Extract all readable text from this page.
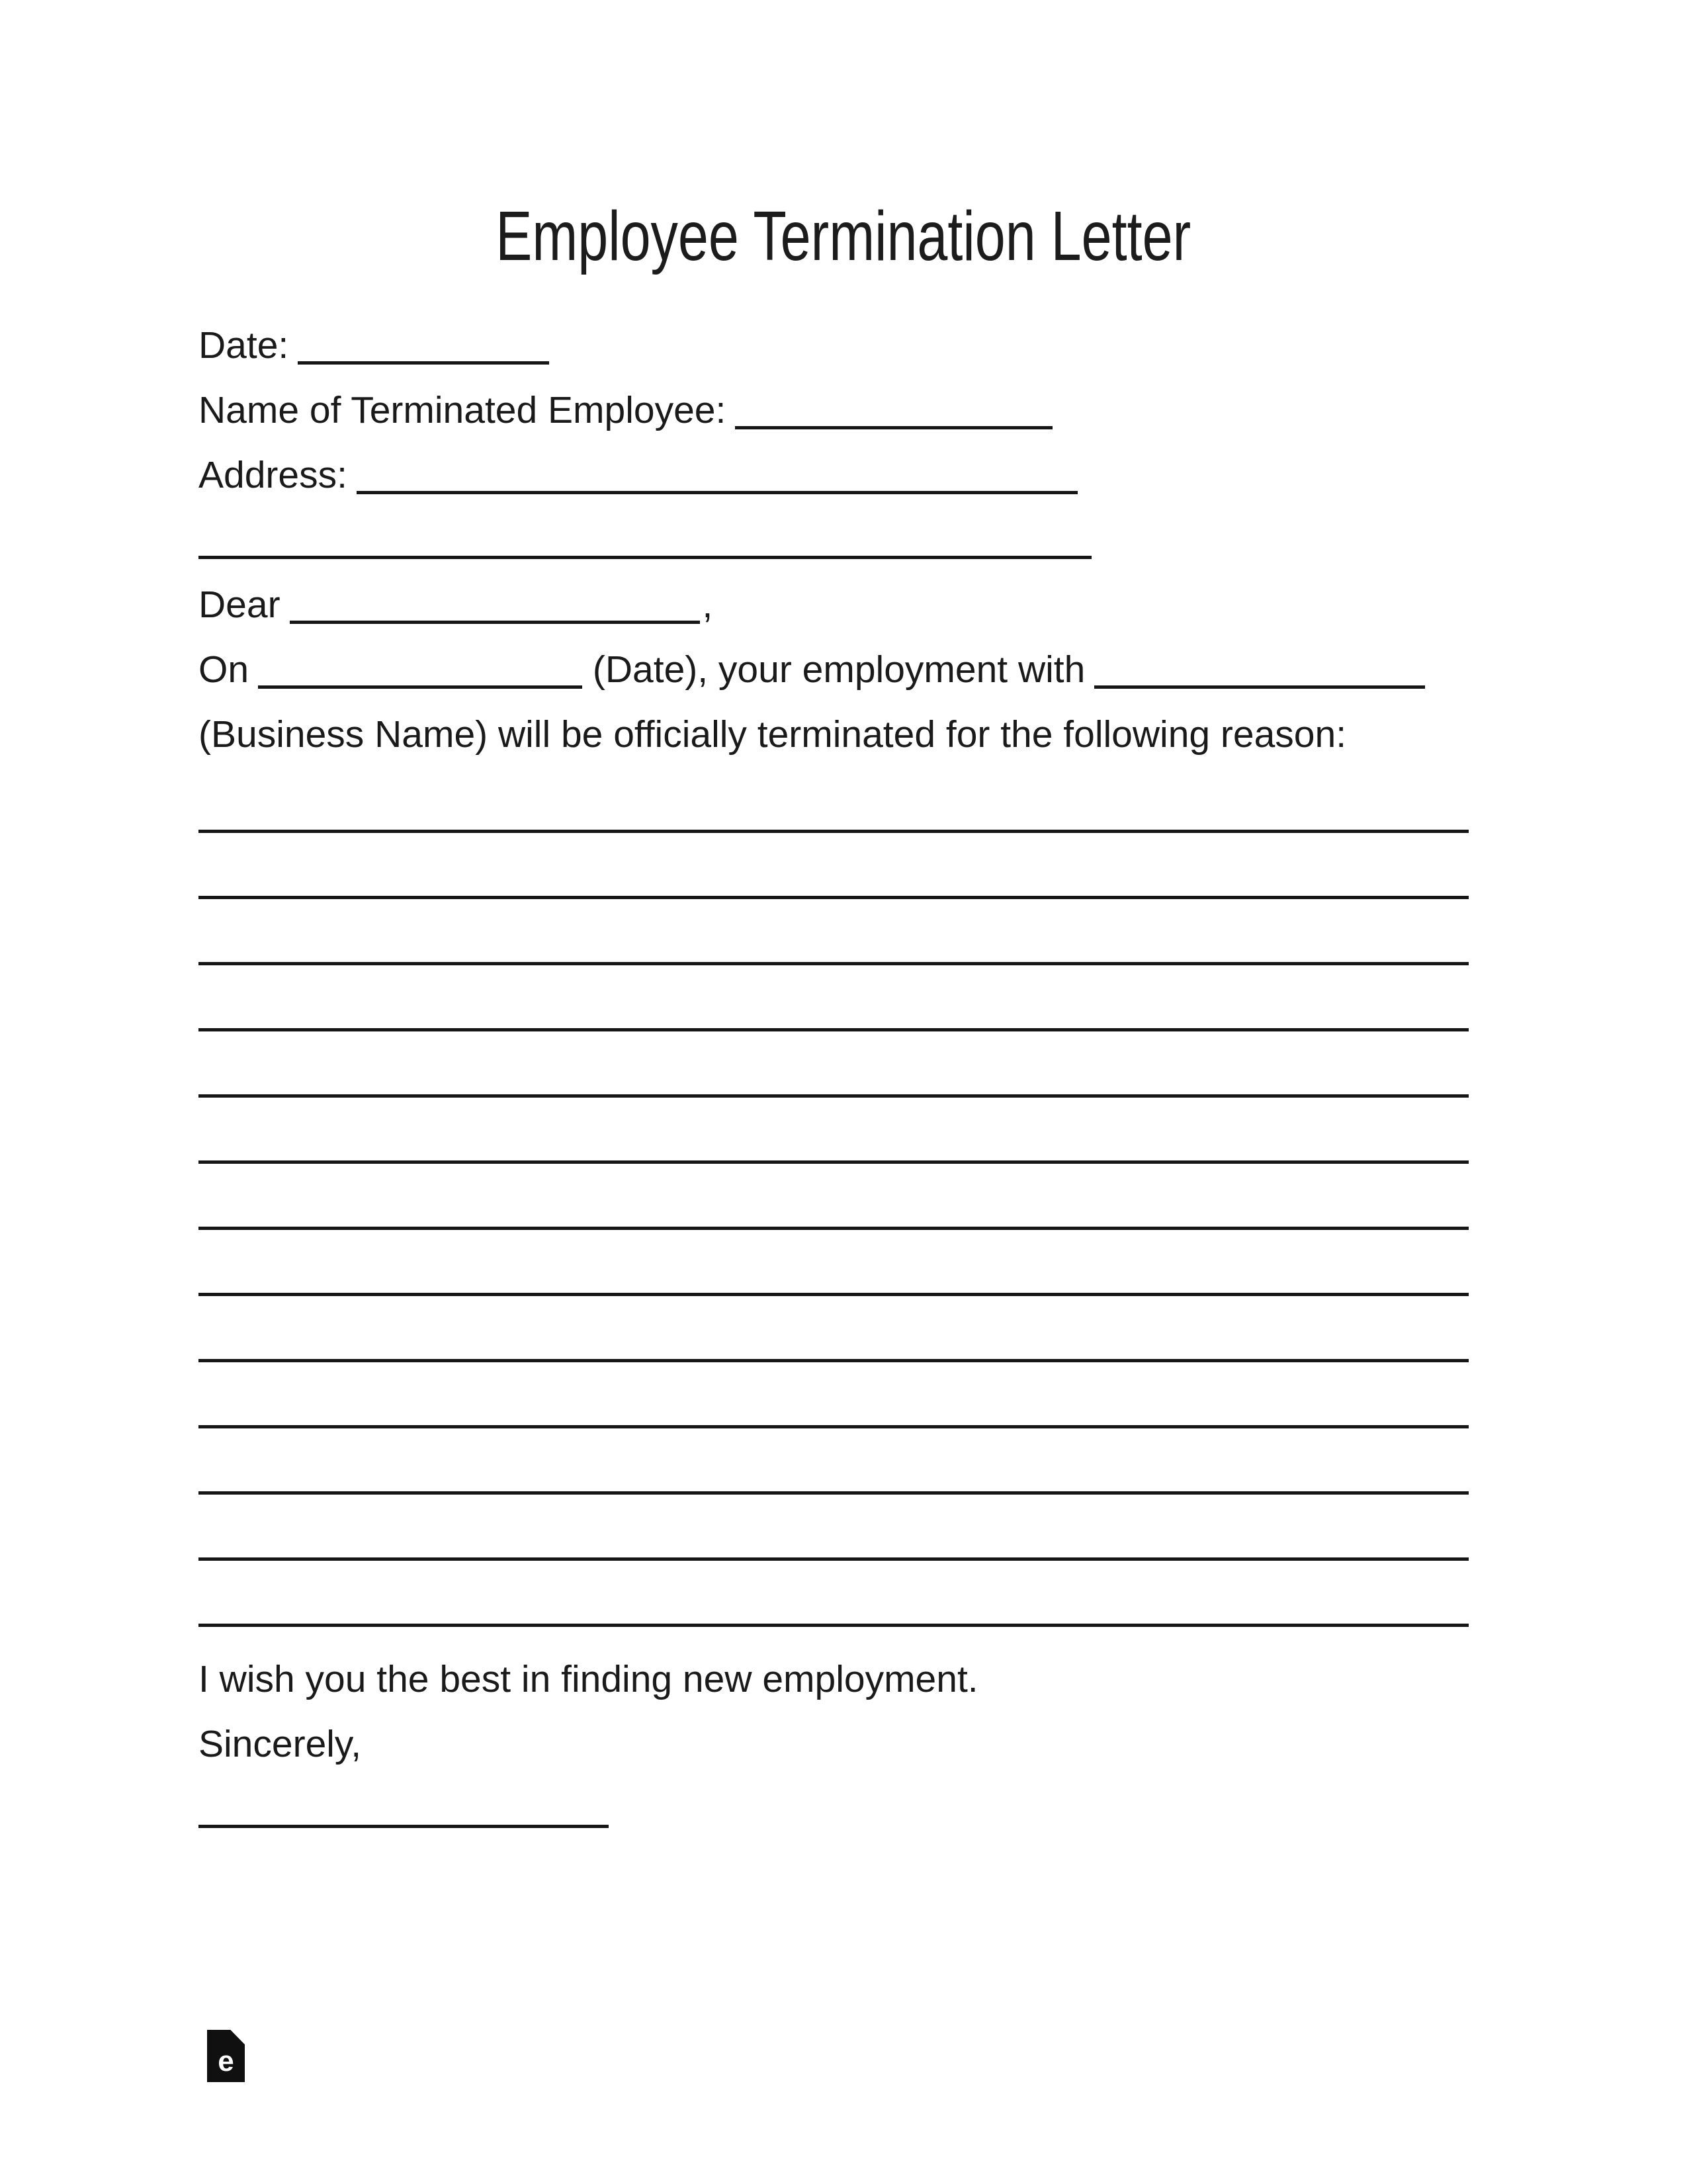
Employee Termination Letter
Date:
Name of Terminated Employee:
Address:
Dear	,
On	(Date), your employment with
(Business Name) will be officially terminated for the following reason:
I wish you the best in finding new employment.
Sincerely,
e
